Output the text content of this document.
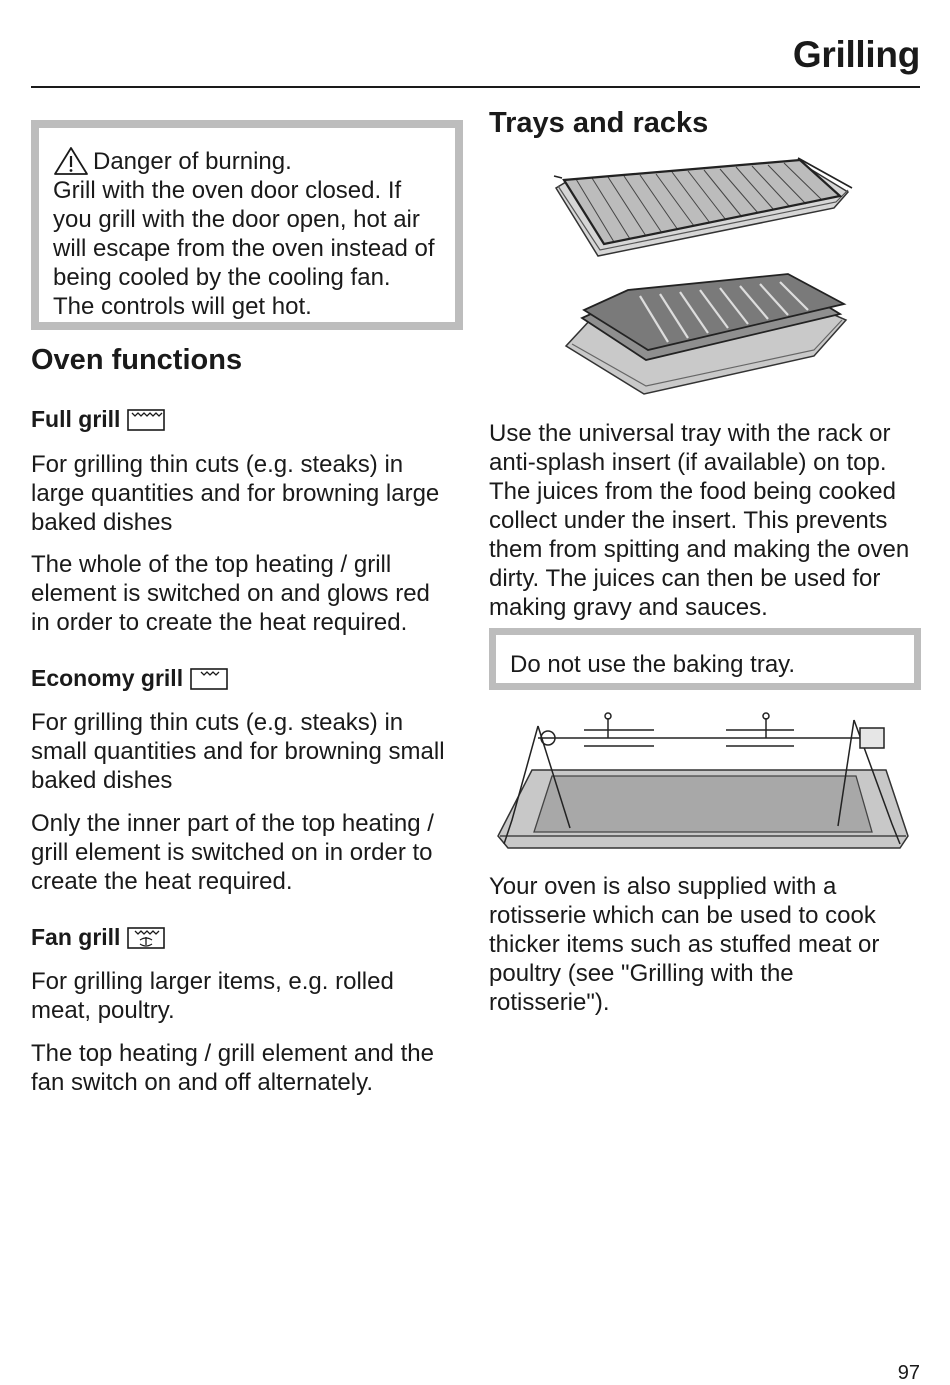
Grilling
Danger of burning.
Grill with the oven door closed. If
you grill with the door open, hot air
will escape from the oven instead of
being cooled by the cooling fan.
The controls will get hot.
Oven functions
Full grill
For grilling thin cuts (e.g. steaks) in
large quantities and for browning large
baked dishes
The whole of the top heating / grill
element is switched on and glows red
in order to create the heat required.
Economy grill
For grilling thin cuts (e.g. steaks) in
small quantities and for browning small
baked dishes
Only the inner part of the top heating /
grill element is switched on in order to
create the heat required.
Fan grill
For grilling larger items, e.g. rolled
meat, poultry.
The top heating / grill element and the
fan switch on and off alternately.
Trays and racks
Use the universal tray with the rack or
anti-splash insert (if available) on top.
The juices from the food being cooked
collect under the insert. This prevents
them from spitting and making the oven
dirty. The juices can then be used for
making gravy and sauces.
Do not use the baking tray.
Your oven is also supplied with a
rotisserie which can be used to cook
thicker items such as stuffed meat or
poultry (see "Grilling with the
rotisserie").
97
